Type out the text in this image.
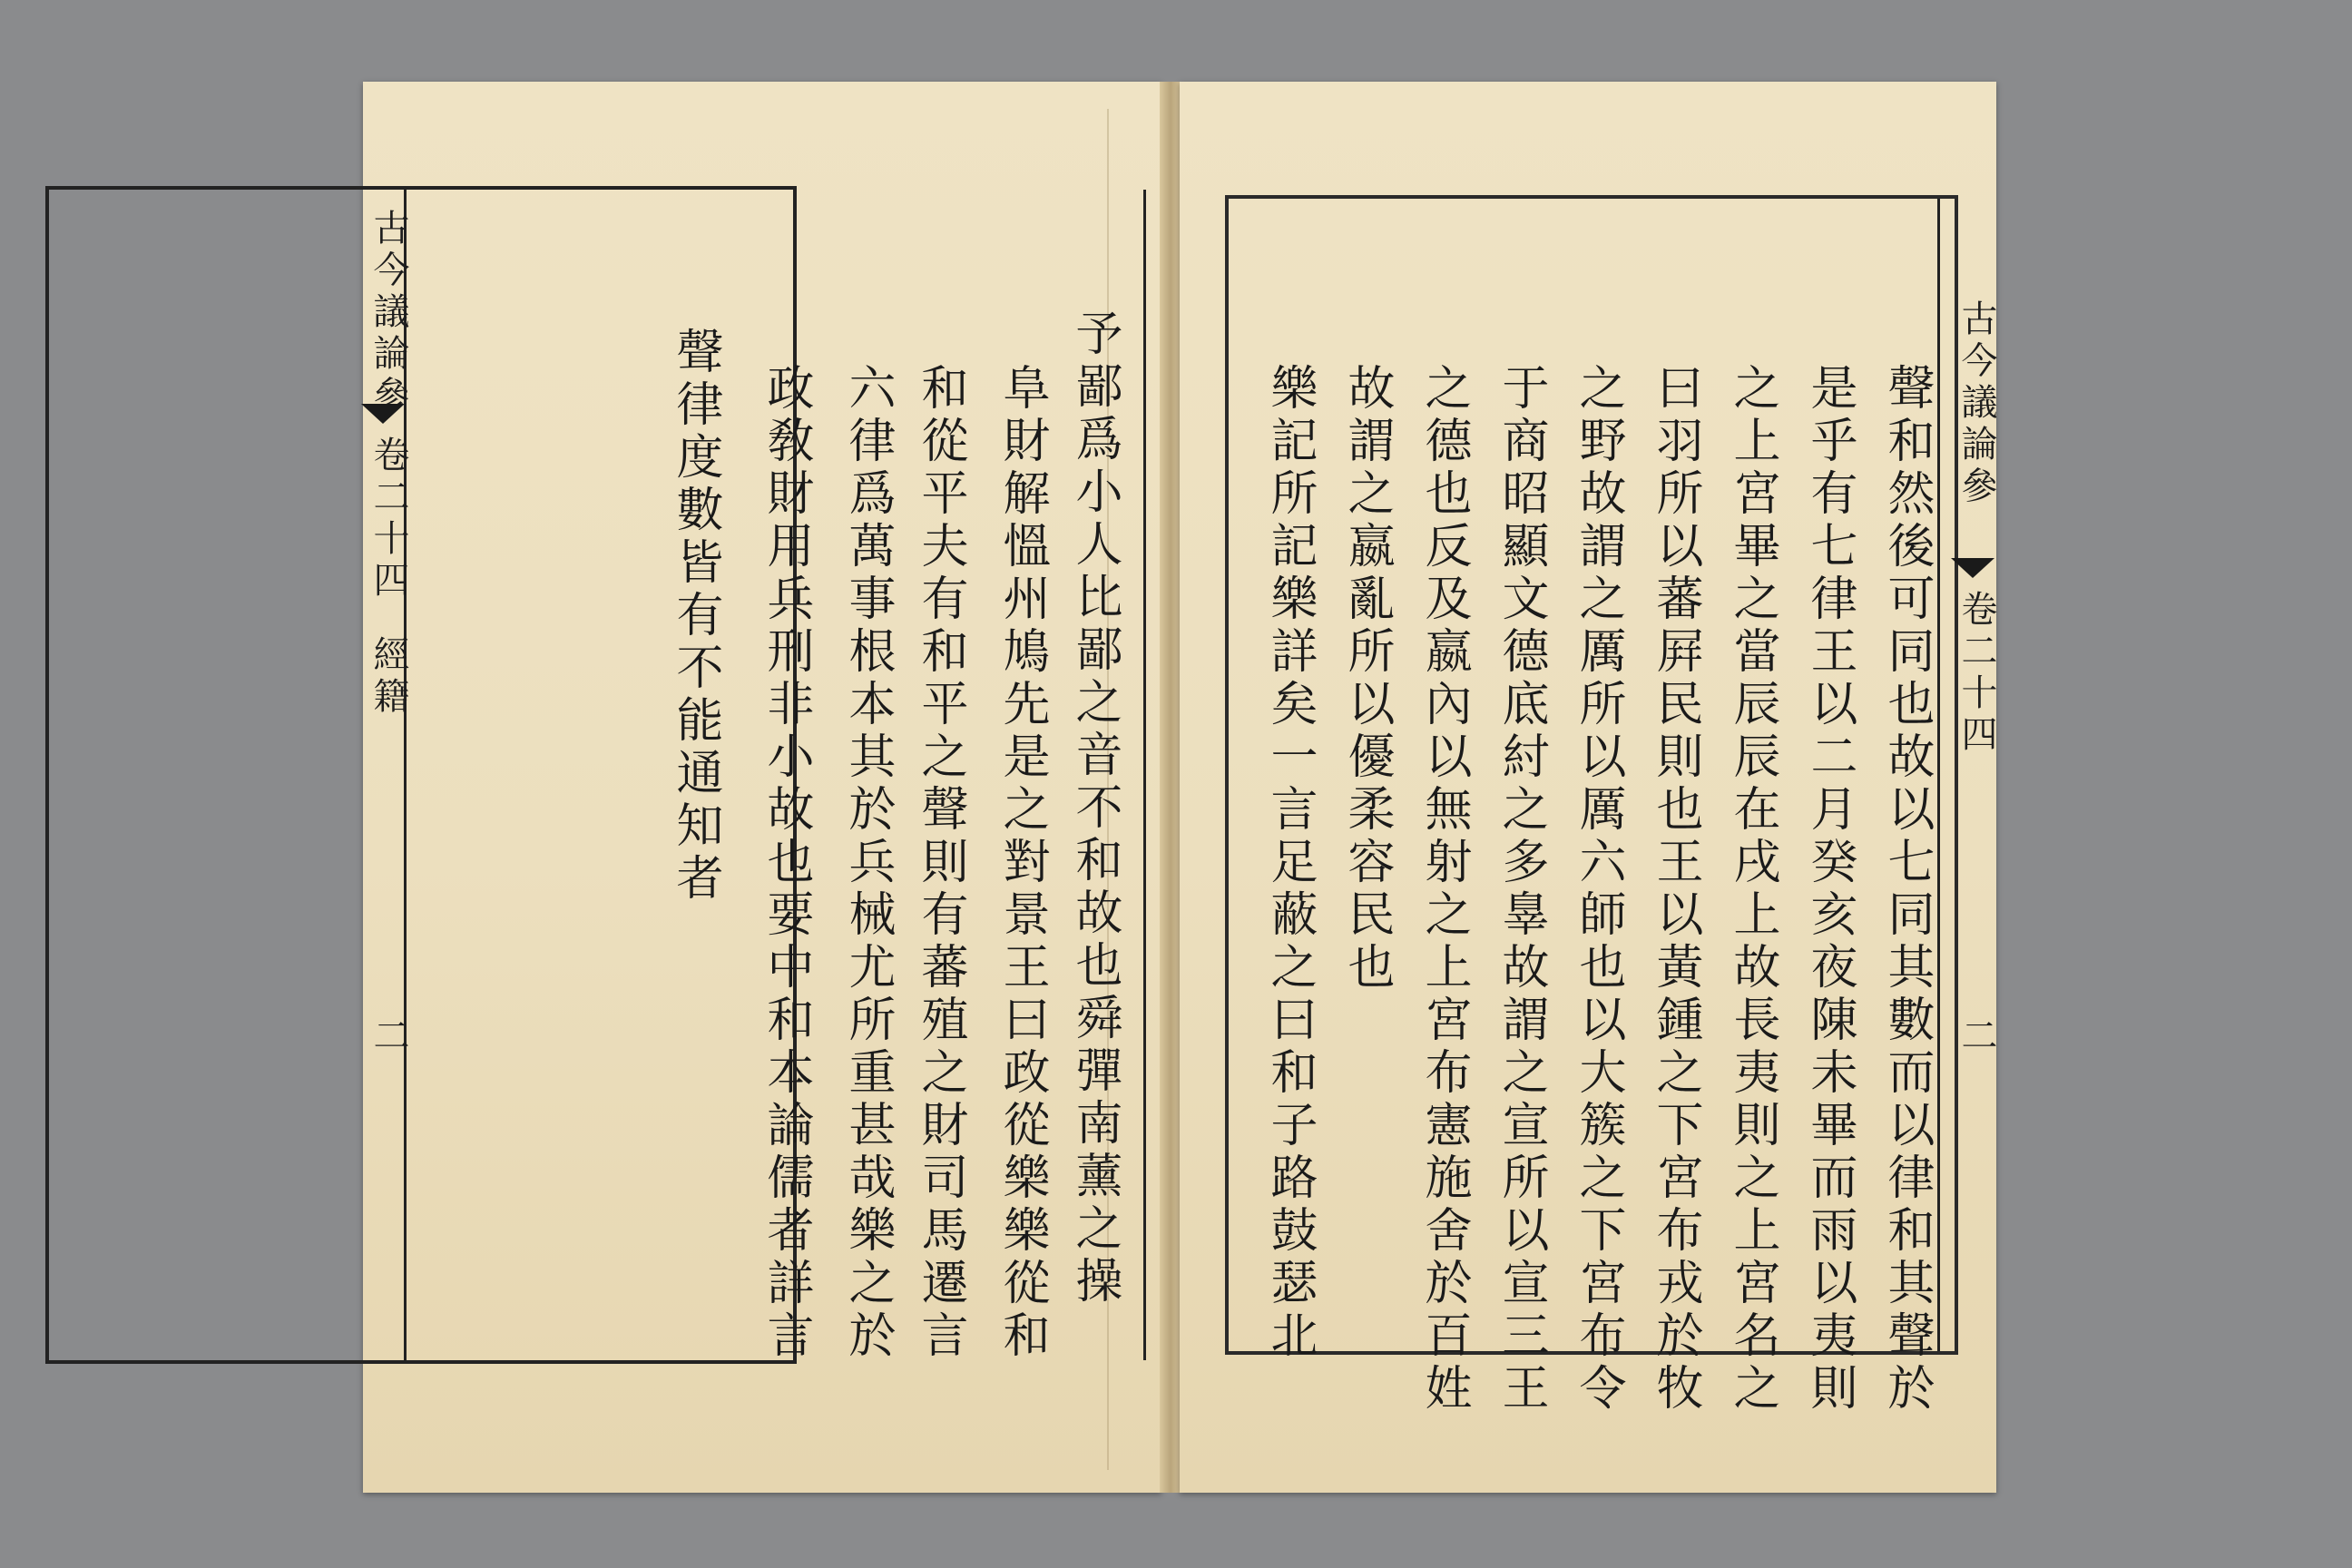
古今議論參
卷二十四
經籍
二	予鄙爲小人比鄙之音不和故也舜彈南薰之操
阜財解慍州鳩先是之對景王曰政從樂樂從和
和從平夫有和平之聲則有蕃殖之財司馬遷言
六律爲萬事根本其於兵械尤所重甚哉樂之於
政敎財用兵刑非小故也要中和本論儒者詳言
聲律度數皆有不能通知者	古今議論參
卷二十四
二
聲和然後可同也故以七同其數而以律和其聲於
是乎有七律王以二月癸亥夜陳未畢而雨以夷則
之上宮畢之當辰辰在戌上故長夷則之上宮名之
曰羽所以蕃屛民則也王以黃鍾之下宮布戎於牧
之野故謂之厲所以厲六師也以大簇之下宮布令
于商昭顯文德底紂之多辠故謂之宣所以宣三王
之德也反及嬴內以無射之上宮布憲施舍於百姓
故謂之嬴亂所以優柔容民也
樂記所記樂詳矣一言足蔽之曰和子路鼓瑟北
